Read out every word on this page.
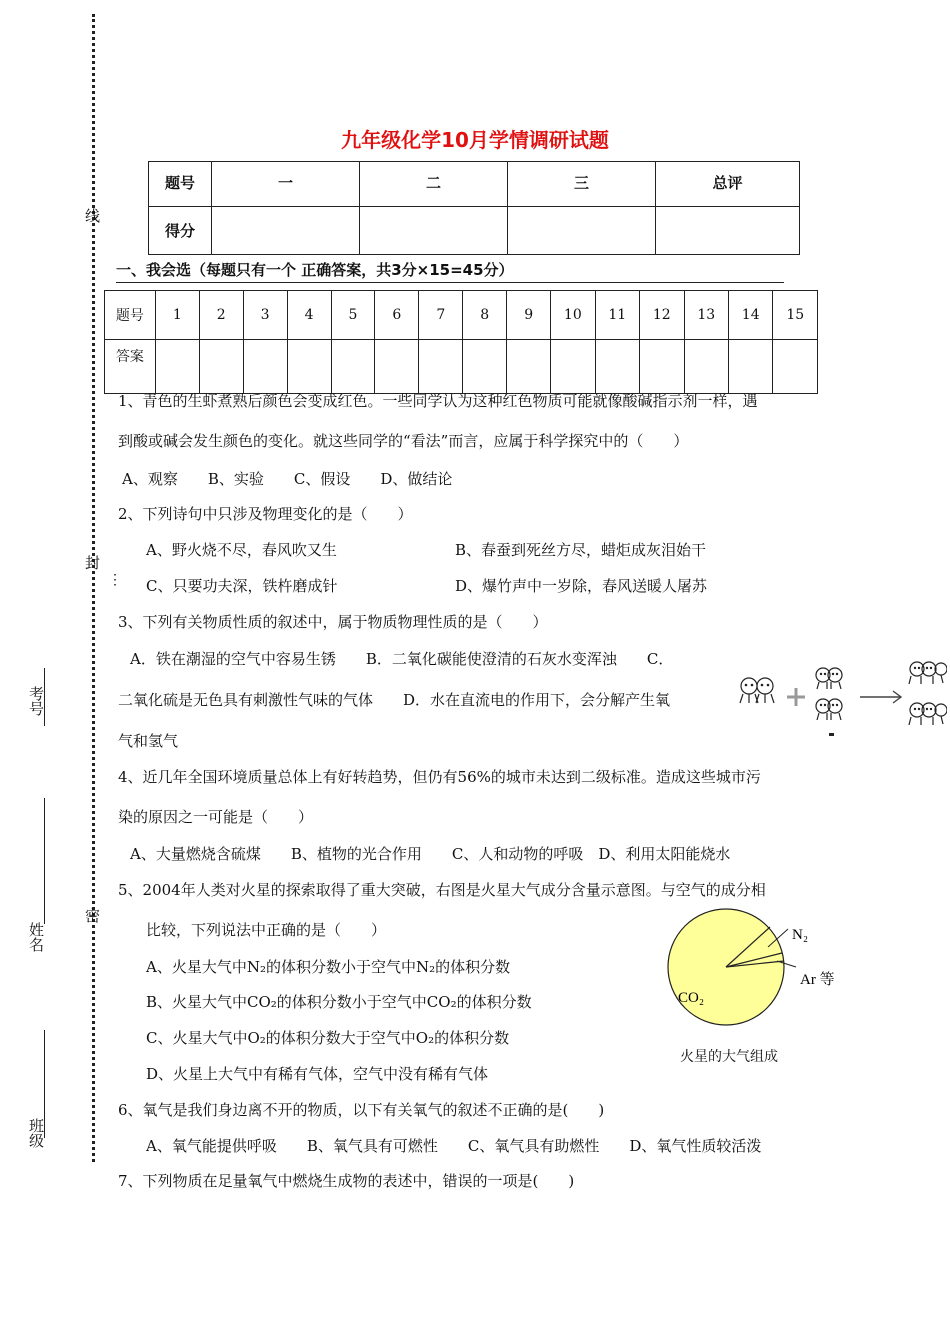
线
封
密
⋮
考号
姓名
班级
九年级化学10月学情调研试题
题号	一	二	三	总评
得分				
一、我会选（每题只有一个 正确答案，共3分×15=45分）
题号	1	2	3	4	5	6	7	8	9	10	11	12	13	14	15
答案															
1、青色的生虾煮熟后颜色会变成红色。一些同学认为这种红色物质可能就像酸碱指示剂一样，遇
到酸或碱会发生颜色的变化。就这些同学的“看法”而言，应属于科学探究中的（　　）
A、观察　　B、实验　　C、假设　　D、做结论
2、下列诗句中只涉及物理变化的是（　　）
A、野火烧不尽，春风吹又生	B、春蚕到死丝方尽，蜡炬成灰泪始干
C、只要功夫深，铁杵磨成针	D、爆竹声中一岁除，春风送暖人屠苏
3、下列有关物质性质的叙述中，属于物质物理性质的是（　　）
A．铁在潮湿的空气中容易生锈　　B．二氧化碳能使澄清的石灰水变浑浊　　C．
二氧化硫是无色具有刺激性气味的气体　　D．水在直流电的作用下，会分解产生氧
气和氢气
4、近几年全国环境质量总体上有好转趋势，但仍有56%的城市未达到二级标准。造成这些城市污
染的原因之一可能是（　　）
A、大量燃烧含硫煤　　B、植物的光合作用　　C、人和动物的呼吸　D、利用太阳能烧水
5、2004年人类对火星的探索取得了重大突破，右图是火星大气成分含量示意图。与空气的成分相
比较，下列说法中正确的是（　　）
A、火星大气中N₂的体积分数小于空气中N₂的体积分数
B、火星大气中CO₂的体积分数小于空气中CO₂的体积分数
C、火星大气中O₂的体积分数大于空气中O₂的体积分数
D、火星上大气中有稀有气体，空气中没有稀有气体
6、氧气是我们身边离不开的物质，以下有关氧气的叙述不正确的是(　　)
A、氧气能提供呼吸　　B、氧气具有可燃性　　C、氧气具有助燃性　　D、氧气性质较活泼
7、下列物质在足量氧气中燃烧生成物的表述中，错误的一项是(　　)
N₂
Ar 等
CO₂
火星的大气组成
